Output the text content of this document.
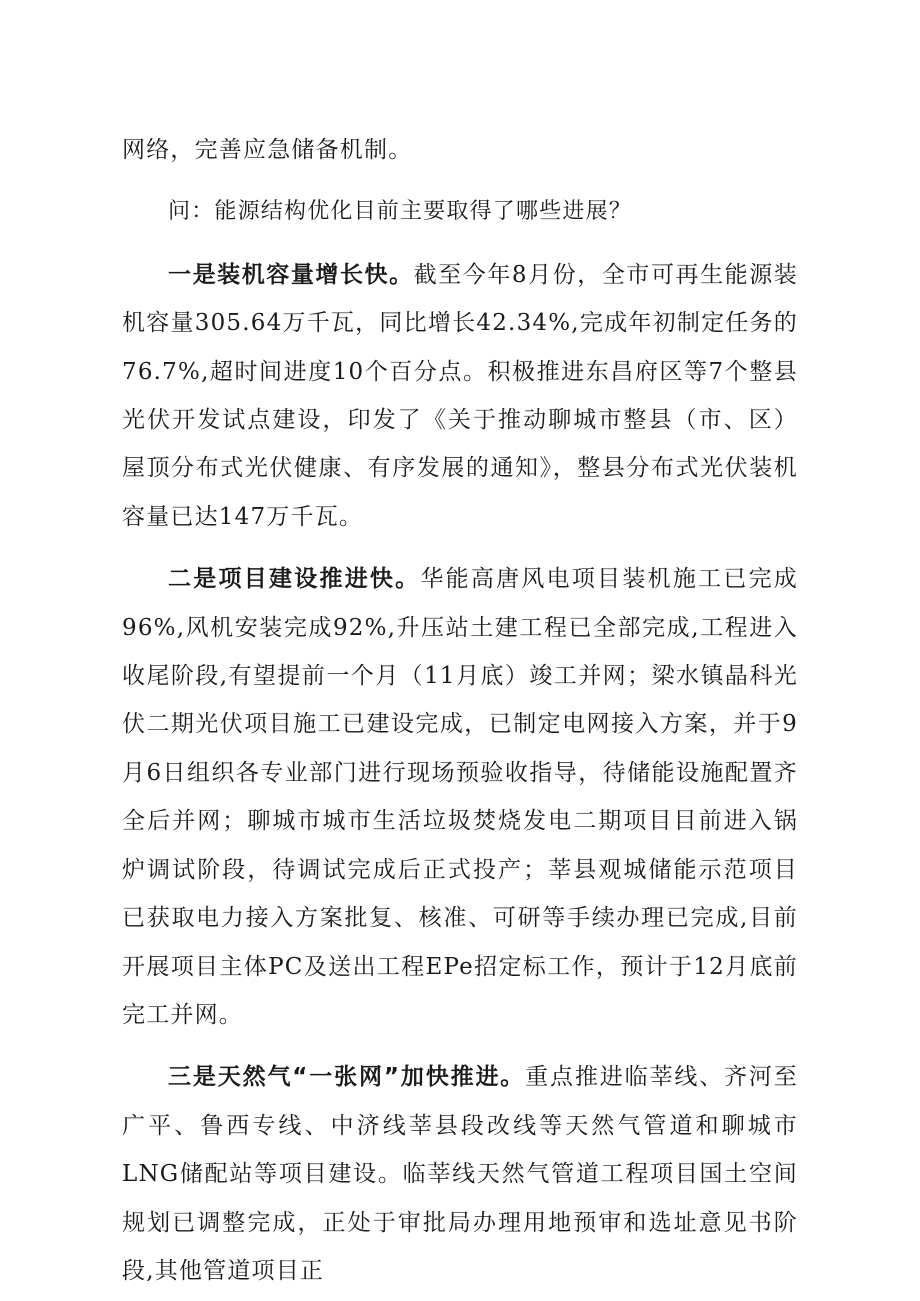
网络，完善应急储备机制。

问：能源结构优化目前主要取得了哪些进展？

一是装机容量增长快。截至今年8月份，全市可再生能源装机容量305.64万千瓦，同比增长42.34%,完成年初制定任务的76.7%,超时间进度10个百分点。积极推进东昌府区等7个整县光伏开发试点建设，印发了《关于推动聊城市整县（市、区）屋顶分布式光伏健康、有序发展的通知》，整县分布式光伏装机容量已达147万千瓦。

二是项目建设推进快。华能高唐风电项目装机施工已完成96%,风机安装完成92%,升压站土建工程已全部完成,工程进入收尾阶段,有望提前一个月（11月底）竣工并网；梁水镇晶科光伏二期光伏项目施工已建设完成，已制定电网接入方案，并于9月6日组织各专业部门进行现场预验收指导，待储能设施配置齐全后并网；聊城市城市生活垃圾焚烧发电二期项目目前进入锅炉调试阶段，待调试完成后正式投产；莘县观城储能示范项目已获取电力接入方案批复、核准、可研等手续办理已完成,目前开展项目主体PC及送出工程EPe招定标工作，预计于12月底前完工并网。

三是天然气“一张网”加快推进。重点推进临莘线、齐河至广平、鲁西专线、中济线莘县段改线等天然气管道和聊城市LNG储配站等项目建设。临莘线天然气管道工程项目国土空间规划已调整完成，正处于审批局办理用地预审和选址意见书阶段,其他管道项目正
